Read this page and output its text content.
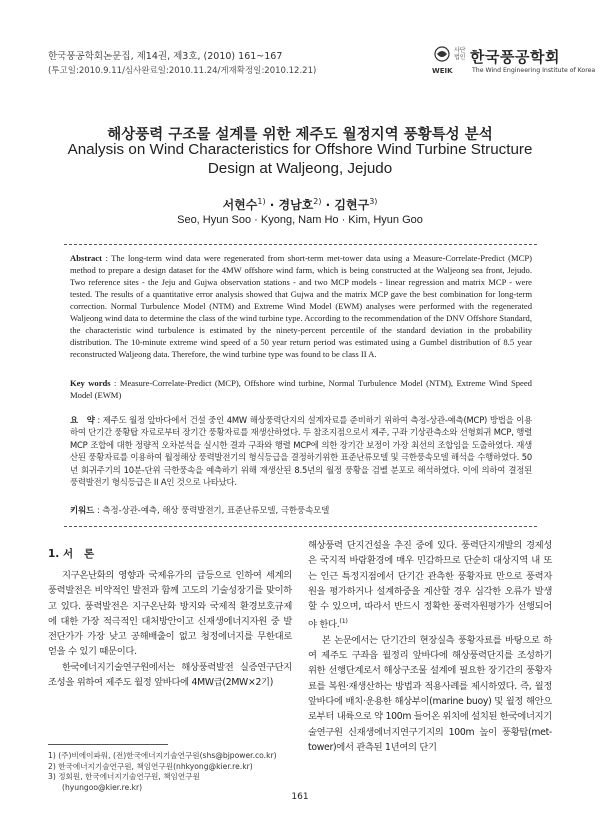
한국풍공학회논문집, 제14권, 제3호, (2010) 161~167
(투고일:2010.9.11/심사완료일:2010.11.24/게재확정일:2010.12.21)
사단법인 한국풍공학회
WEIK	The Wind Engineering Institute of Korea
해상풍력 구조물 설계를 위한 제주도 월정지역 풍황특성 분석
Analysis on Wind Characteristics for Offshore Wind Turbine Structure Design at Waljeong, Jejudo
서현수$^{1)}$ · 경남호$^{2)}$ · 김현구$^{3)}$
Seo, Hyun Soo · Kyong, Nam Ho · Kim, Hyun Goo
Abstract : The long-term wind data were regenerated from short-term met-tower data using a Measure-Correlate-Predict (MCP) method to prepare a design dataset for the 4MW offshore wind farm, which is being constructed at the Waljeong sea front, Jejudo. Two reference sites - the Jeju and Gujwa observation stations - and two MCP models - linear regression and matrix MCP - were tested. The results of a quantitative error analysis showed that Gujwa and the matrix MCP gave the best combination for long-term correction. Normal Turbulence Model (NTM) and Extreme Wind Model (EWM) analyses were performed with the regenerated Waljeong wind data to determine the class of the wind turbine type. According to the recommendation of the DNV Offshore Standard, the characteristic wind turbulence is estimated by the ninety-percent percentile of the standard deviation in the probability distribution. The 10-minute extreme wind speed of a 50 year return period was estimated using a Gumbel distribution of 8.5 year reconstructed Waljeong data. Therefore, the wind turbine type was found to be class II A.
Key words : Measure-Correlate-Predict (MCP), Offshore wind turbine, Normal Turbulence Model (NTM), Extreme Wind Speed Model (EWM)
요   약 : 제주도 월정 앞바다에서 건설 중인 4MW 해상풍력단지의 설계자료를 준비하기 위하여 측정-상관-예측(MCP) 방법을 이용하여 단기간 풍황탑 자료로부터 장기간 풍황자료를 재생산하였다. 두 참조지점으로서 제주, 구좌 기상관측소와 선형회귀 MCP, 행렬 MCP 조합에 대한 정량적 오차분석을 실시한 결과 구좌와 행렬 MCP에 의한 장기간 보정이 가장 최선의 조합임을 도출하였다. 재생산된 풍황자료를 이용하여 월정해상 풍력발전기의 형식등급을 결정하기위한 표준난류모델 및 극한풍속모델 해석을 수행하였다. 50년 회귀주기의 10분-단위 극한풍속을 예측하기 위해 재생산된 8.5년의 월정 풍황을 검벨 분포로 해석하였다. 이에 의하여 결정된 풍력발전기 형식등급은 II A인 것으로 나타났다.
키워드 : 측정-상관-예측, 해상 풍력발전기, 표준난류모델, 극한풍속모델
1. 서   론

지구온난화의 영향과 국제유가의 급등으로 인하여 세계의 풍력발전은 비약적인 발전과 함께 고도의 기술성장기를 맞이하고 있다. 풍력발전은 지구온난화 방지와 국제적 환경보호규제에 대한 가장 적극적인 대처방안이고 신재생에너지자원 중 발전단가가 가장 낮고 공해배출이 없고 청정에너지를 무한대로 얻을 수 있기 때문이다.

한국에너지기술연구원에서는 해상풍력발전 실증연구단지 조성을 위하여 제주도 월정 앞바다에 4MW급(2MW×2기)

해상풍력 단지건설을 추진 중에 있다. 풍력단지개발의 경제성은 국지적 바람환경에 매우 민감하므로 단순히 대상지역 내 또는 인근 특정지점에서 단기간 관측한 풍황자료 만으로 풍력자원을 평가하거나 설계하중을 계산할 경우 심각한 오류가 발생할 수 있으며, 따라서 반드시 정확한 풍력자원평가가 선행되어야 한다.$^{(1)}$

본 논문에서는 단기간의 현장실측 풍황자료를 바탕으로 하여 제주도 구좌읍 월정리 앞바다에 해상풍력단지를 조성하기 위한 선행단계로서 해상구조물 설계에 필요한 장기간의 풍황자료를 복원·재생산하는 방법과 적용사례를 제시하였다. 즉, 월정 앞바다에 배치·운용한 해상부이(marine buoy) 및 월정 해안으로부터 내륙으로 약 100m 들어온 위치에 설치된 한국에너지기술연구원 신재생에너지연구기지의 100m 높이 풍황탑(met-tower)에서 관측된 1년여의 단기

1) (주)비에이파워, (전)한국에너지기술연구원(shs@bjpower.co.kr)
2) 한국에너지기술연구원, 책임연구원(nhkyong@kier.re.kr)
3) 정회원, 한국에너지기술연구원, 책임연구원
(hyungoo@kier.re.kr)
161
